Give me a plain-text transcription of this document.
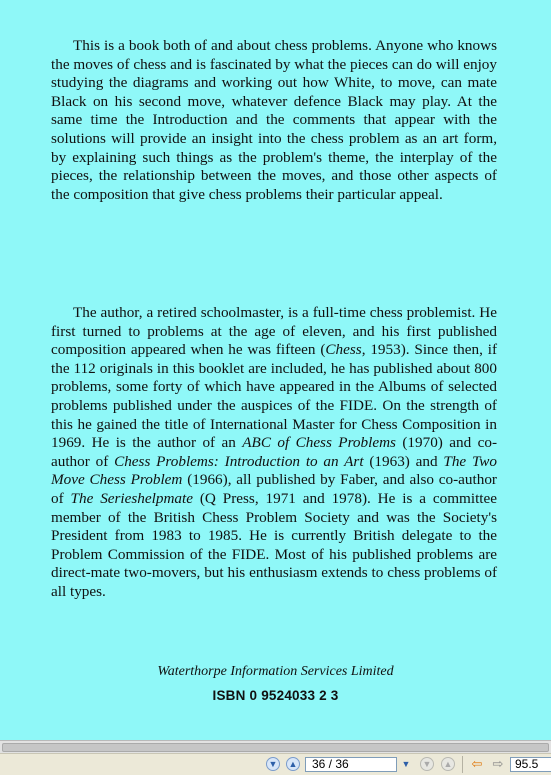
This is a book both of and about chess problems. Anyone who knows the moves of chess and is fascinated by what the pieces can do will enjoy studying the diagrams and working out how White, to move, can mate Black on his second move, whatever defence Black may play. At the same time the Introduction and the comments that appear with the solutions will provide an insight into the chess problem as an art form, by explaining such things as the problem's theme, the interplay of the pieces, the relationship between the moves, and those other aspects of the composition that give chess problems their particular appeal.

The author, a retired schoolmaster, is a full-time chess problemist. He first turned to problems at the age of eleven, and his first published composition appeared when he was fifteen (Chess, 1953). Since then, if the 112 originals in this booklet are included, he has published about 800 problems, some forty of which have appeared in the Albums of selected problems published under the auspices of the FIDE. On the strength of this he gained the title of International Master for Chess Composition in 1969. He is the author of an ABC of Chess Problems (1970) and co-author of Chess Problems: Introduction to an Art (1963) and The Two Move Chess Problem (1966), all published by Faber, and also co-author of The Serieshelpmate (Q Press, 1971 and 1978). He is a committee member of the British Chess Problem Society and was the Society's President from 1983 to 1985. He is currently British delegate to the Problem Commission of the FIDE. Most of his published problems are direct-mate two-movers, but his enthusiasm extends to chess problems of all types.

Waterthorpe Information Services Limited
ISBN 0 9524033 2 3
▼ ▲	36 / 36	▼ ▼ ▲ ⇦ ⇨ 95.5
